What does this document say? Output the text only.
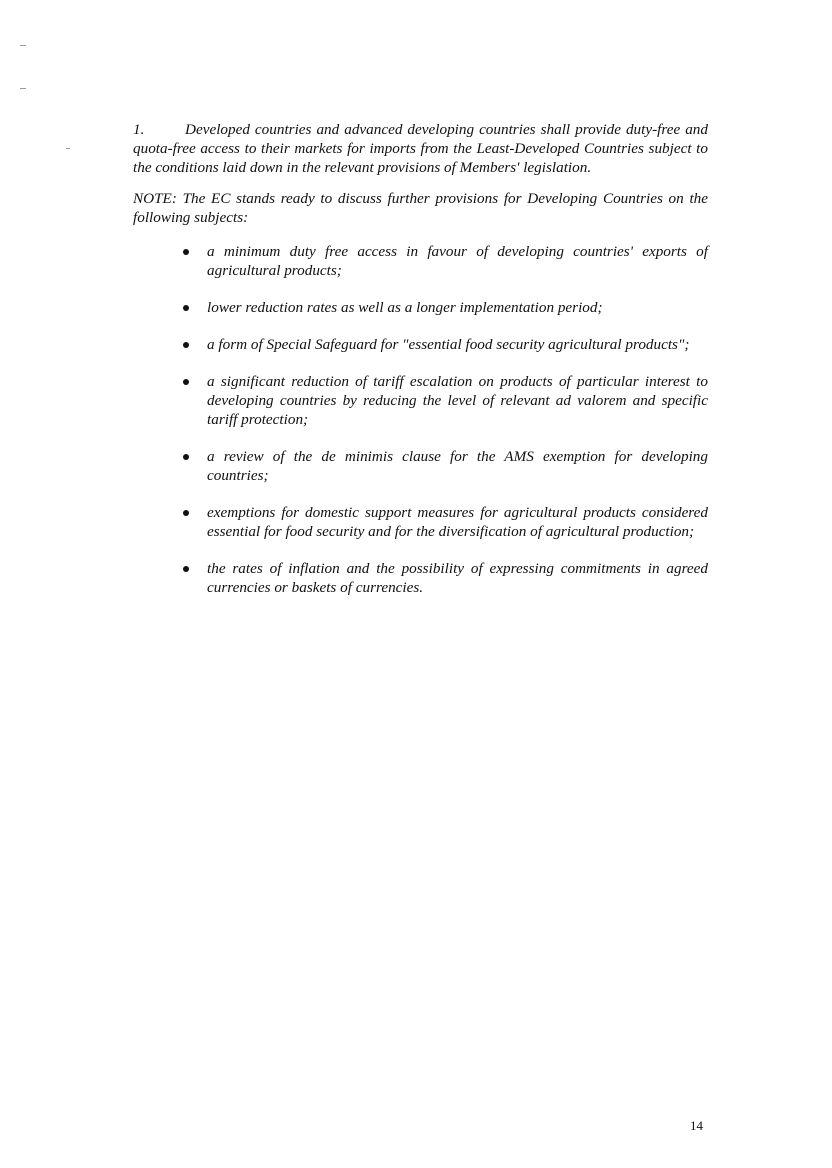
1.	Developed countries and advanced developing countries shall provide duty-free and quota-free access to their markets for imports from the Least-Developed Countries subject to the conditions laid down in the relevant provisions of Members' legislation.

NOTE: The EC stands ready to discuss further provisions for Developing Countries on the following subjects:

a minimum duty free access in favour of developing countries' exports of agricultural products;
lower reduction rates as well as a longer implementation period;
a form of Special Safeguard for "essential food security agricultural products";
a significant reduction of tariff escalation on products of particular interest to developing countries by reducing the level of relevant ad valorem and specific tariff protection;
a review of the de minimis clause for the AMS exemption for developing countries;
exemptions for domestic support measures for agricultural products considered essential for food security and for the diversification of agricultural production;
the rates of inflation and the possibility of expressing commitments in agreed currencies or baskets of currencies.
14
